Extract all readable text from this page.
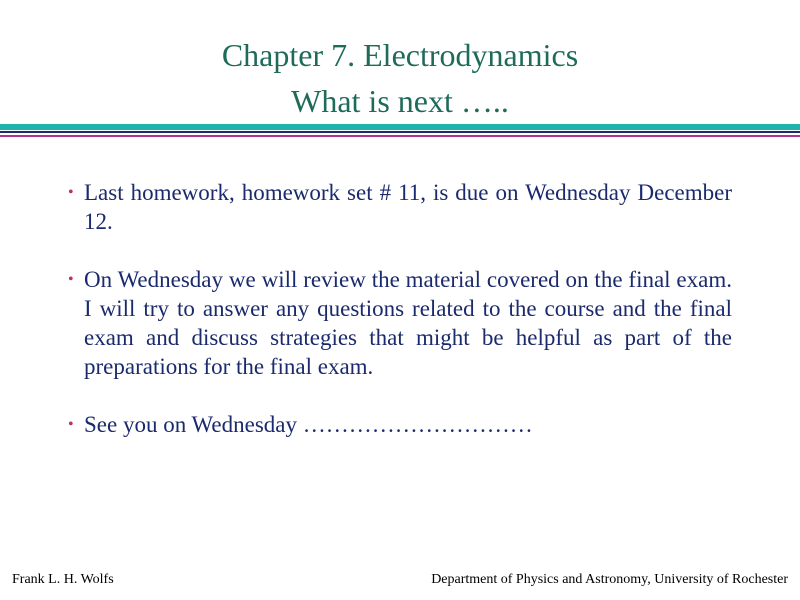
Chapter 7. Electrodynamics
What is next …..
• Last homework, homework set # 11, is due on Wednesday December 12.
• On Wednesday we will review the material covered on the final exam. I will try to answer any questions related to the course and the final exam and discuss strategies that might be helpful as part of the preparations for the final exam.
• See you on Wednesday …………………………
Frank L. H. Wolfs	Department of Physics and Astronomy, University of Rochester
